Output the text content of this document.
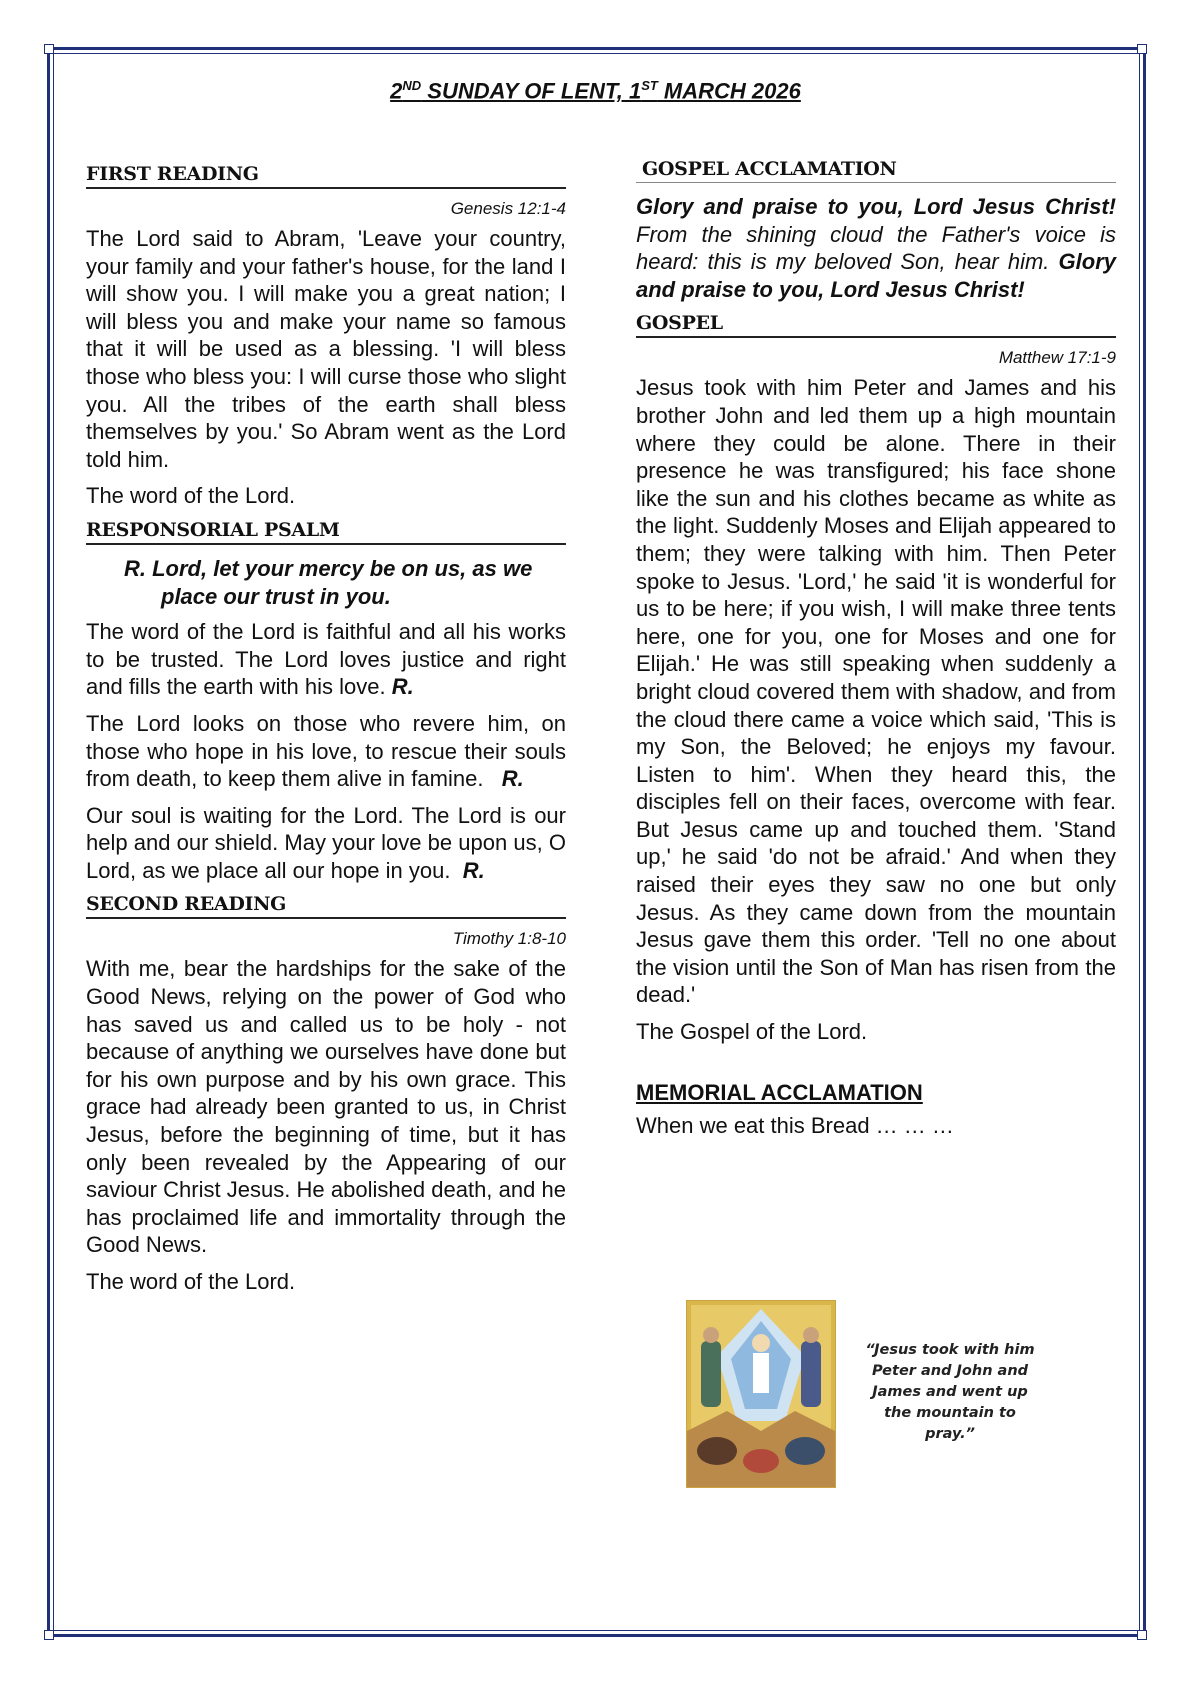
2ND SUNDAY OF LENT, 1ST MARCH 2026
FIRST READING
Genesis 12:1-4

The Lord said to Abram, 'Leave your country, your family and your father's house, for the land I will show you. I will make you a great nation; I will bless you and make your name so famous that it will be used as a blessing. 'I will bless those who bless you: I will curse those who slight you. All the tribes of the earth shall bless themselves by you.' So Abram went as the Lord told him.

The word of the Lord.

RESPONSORIAL PSALM
R. Lord, let your mercy be on us, as we place our trust in you.

The word of the Lord is faithful and all his works to be trusted. The Lord loves justice and right and fills the earth with his love. R.

The Lord looks on those who revere him, on those who hope in his love, to rescue their souls from death, to keep them alive in famine. R.

Our soul is waiting for the Lord. The Lord is our help and our shield. May your love be upon us, O Lord, as we place all our hope in you. R.

SECOND READING
Timothy 1:8-10

With me, bear the hardships for the sake of the Good News, relying on the power of God who has saved us and called us to be holy - not because of anything we ourselves have done but for his own purpose and by his own grace. This grace had already been granted to us, in Christ Jesus, before the beginning of time, but it has only been revealed by the Appearing of our saviour Christ Jesus. He abolished death, and he has proclaimed life and immortality through the Good News.

The word of the Lord.

GOSPEL ACCLAMATION

Glory and praise to you, Lord Jesus Christ! From the shining cloud the Father's voice is heard: this is my beloved Son, hear him. Glory and praise to you, Lord Jesus Christ!

GOSPEL
Matthew 17:1-9

Jesus took with him Peter and James and his brother John and led them up a high mountain where they could be alone. There in their presence he was transfigured; his face shone like the sun and his clothes became as white as the light. Suddenly Moses and Elijah appeared to them; they were talking with him. Then Peter spoke to Jesus. 'Lord,' he said 'it is wonderful for us to be here; if you wish, I will make three tents here, one for you, one for Moses and one for Elijah.' He was still speaking when suddenly a bright cloud covered them with shadow, and from the cloud there came a voice which said, 'This is my Son, the Beloved; he enjoys my favour. Listen to him'. When they heard this, the disciples fell on their faces, overcome with fear. But Jesus came up and touched them. 'Stand up,' he said 'do not be afraid.' And when they raised their eyes they saw no one but only Jesus. As they came down from the mountain Jesus gave them this order. 'Tell no one about the vision until the Son of Man has risen from the dead.'

The Gospel of the Lord.

MEMORIAL ACCLAMATION

When we eat this Bread … … …

“Jesus took with him
Peter and John and
James and went up
the mountain to
pray.”
